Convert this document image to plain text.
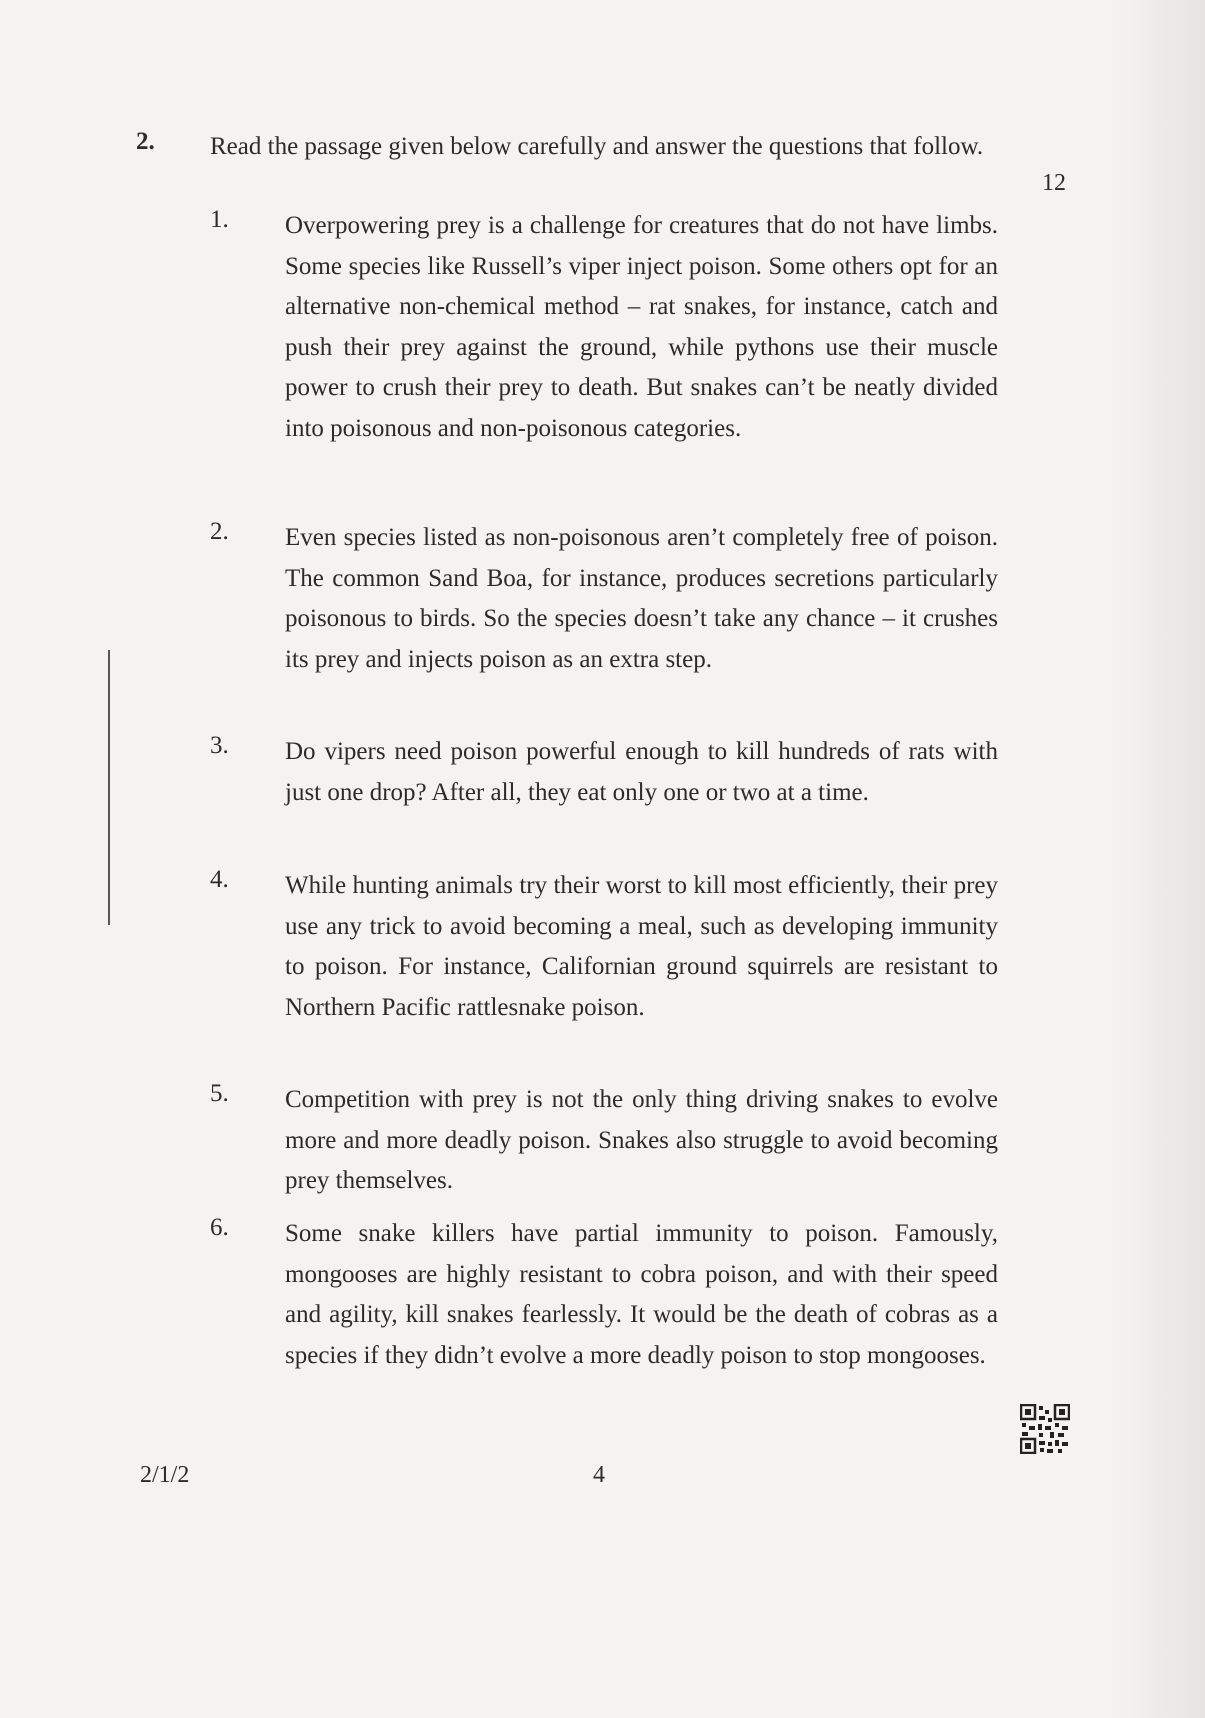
2. Read the passage given below carefully and answer the questions that follow.
12
1. Overpowering prey is a challenge for creatures that do not have limbs. Some species like Russell’s viper inject poison. Some others opt for an alternative non-chemical method – rat snakes, for instance, catch and push their prey against the ground, while pythons use their muscle power to crush their prey to death. But snakes can’t be neatly divided into poisonous and non-poisonous categories.
2. Even species listed as non-poisonous aren’t completely free of poison. The common Sand Boa, for instance, produces secretions particularly poisonous to birds. So the species doesn’t take any chance – it crushes its prey and injects poison as an extra step.
3. Do vipers need poison powerful enough to kill hundreds of rats with just one drop? After all, they eat only one or two at a time.
4. While hunting animals try their worst to kill most efficiently, their prey use any trick to avoid becoming a meal, such as developing immunity to poison. For instance, Californian ground squirrels are resistant to Northern Pacific rattlesnake poison.
5. Competition with prey is not the only thing driving snakes to evolve more and more deadly poison. Snakes also struggle to avoid becoming prey themselves.
6. Some snake killers have partial immunity to poison. Famously, mongooses are highly resistant to cobra poison, and with their speed and agility, kill snakes fearlessly. It would be the death of cobras as a species if they didn’t evolve a more deadly poison to stop mongooses.
2/1/2	4
